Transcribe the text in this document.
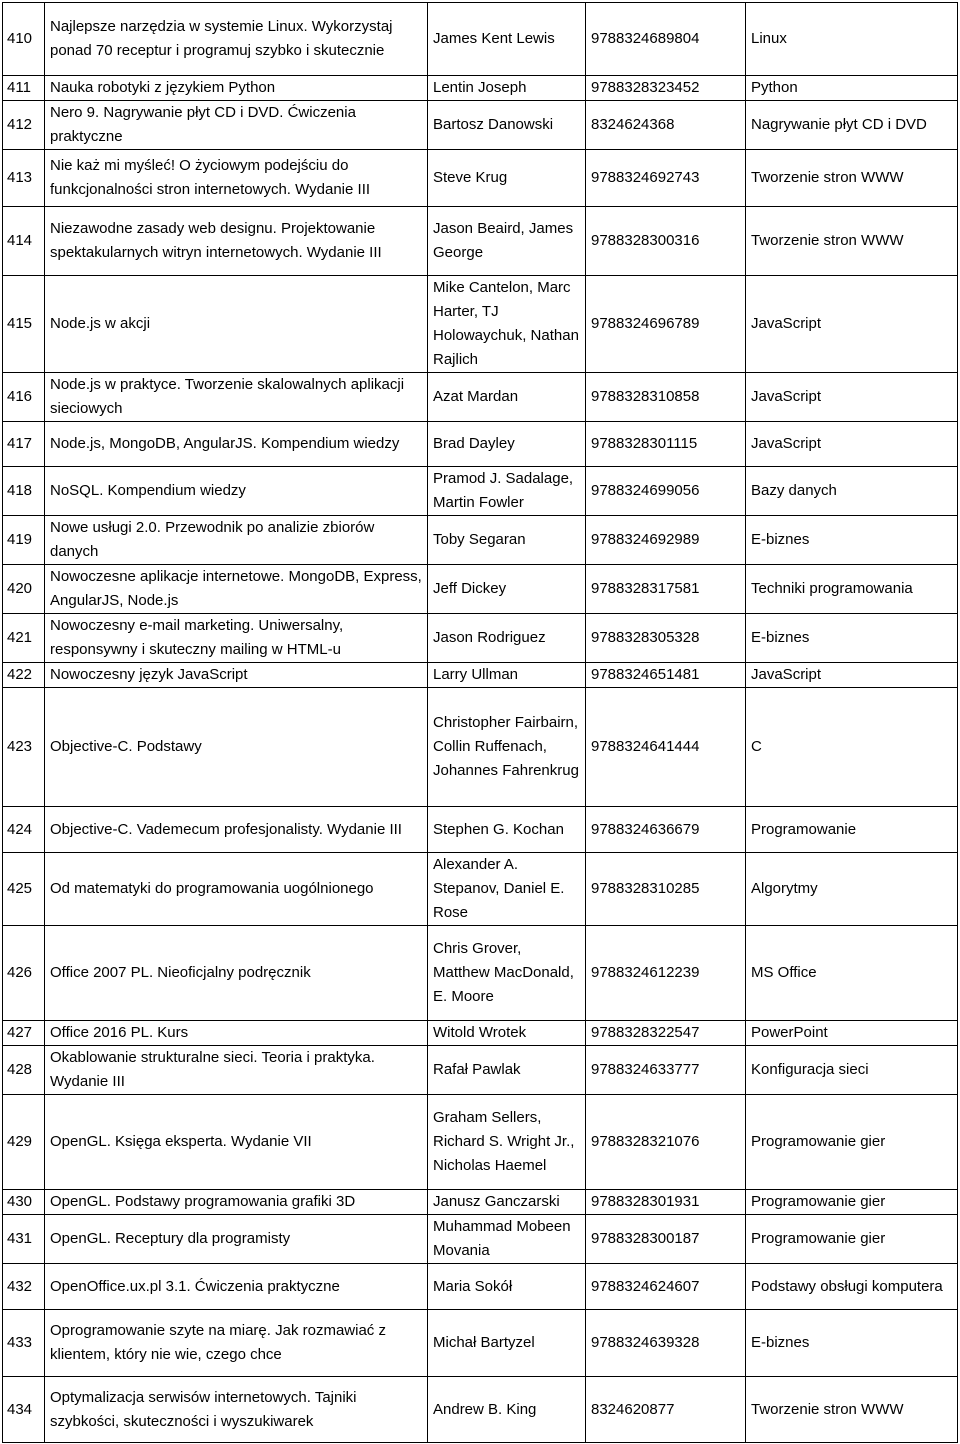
410	Najlepsze narzędzia w systemie Linux. Wykorzystaj ponad 70 receptur i programuj szybko i skutecznie	James Kent Lewis	9788324689804	Linux
411	Nauka robotyki z językiem Python	Lentin Joseph	9788328323452	Python
412	Nero 9. Nagrywanie płyt CD i DVD. Ćwiczenia praktyczne	Bartosz Danowski	8324624368	Nagrywanie płyt CD i DVD
413	Nie każ mi myśleć! O życiowym podejściu do funkcjonalności stron internetowych. Wydanie III	Steve Krug	9788324692743	Tworzenie stron WWW
414	Niezawodne zasady web designu. Projektowanie spektakularnych witryn internetowych. Wydanie III	Jason Beaird, James George	9788328300316	Tworzenie stron WWW
415	Node.js w akcji	Mike Cantelon, Marc Harter, TJ Holowaychuk, Nathan Rajlich	9788324696789	JavaScript
416	Node.js w praktyce. Tworzenie skalowalnych aplikacji sieciowych	Azat Mardan	9788328310858	JavaScript
417	Node.js, MongoDB, AngularJS. Kompendium wiedzy	Brad Dayley	9788328301115	JavaScript
418	NoSQL. Kompendium wiedzy	Pramod J. Sadalage, Martin Fowler	9788324699056	Bazy danych
419	Nowe usługi 2.0. Przewodnik po analizie zbiorów danych	Toby Segaran	9788324692989	E-biznes
420	Nowoczesne aplikacje internetowe. MongoDB, Express, AngularJS, Node.js	Jeff Dickey	9788328317581	Techniki programowania
421	Nowoczesny e-mail marketing. Uniwersalny, responsywny i skuteczny mailing w HTML-u	Jason Rodriguez	9788328305328	E-biznes
422	Nowoczesny język JavaScript	Larry Ullman	9788324651481	JavaScript
423	Objective-C. Podstawy	Christopher Fairbairn, Collin Ruffenach, Johannes Fahrenkrug	9788324641444	C
424	Objective-C. Vademecum profesjonalisty. Wydanie III	Stephen G. Kochan	9788324636679	Programowanie
425	Od matematyki do programowania uogólnionego	Alexander A. Stepanov, Daniel E. Rose	9788328310285	Algorytmy
426	Office 2007 PL. Nieoficjalny podręcznik	Chris Grover, Matthew MacDonald, E. Moore	9788324612239	MS Office
427	Office 2016 PL. Kurs	Witold Wrotek	9788328322547	PowerPoint
428	Okablowanie strukturalne sieci. Teoria i praktyka. Wydanie III	Rafał Pawlak	9788324633777	Konfiguracja sieci
429	OpenGL. Księga eksperta. Wydanie VII	Graham Sellers, Richard S. Wright Jr., Nicholas Haemel	9788328321076	Programowanie gier
430	OpenGL. Podstawy programowania grafiki 3D	Janusz Ganczarski	9788328301931	Programowanie gier
431	OpenGL. Receptury dla programisty	Muhammad Mobeen Movania	9788328300187	Programowanie gier
432	OpenOffice.ux.pl 3.1. Ćwiczenia praktyczne	Maria Sokół	9788324624607	Podstawy obsługi komputera
433	Oprogramowanie szyte na miarę. Jak rozmawiać z klientem, który nie wie, czego chce	Michał Bartyzel	9788324639328	E-biznes
434	Optymalizacja serwisów internetowych. Tajniki szybkości, skuteczności i wyszukiwarek	Andrew B. King	8324620877	Tworzenie stron WWW
